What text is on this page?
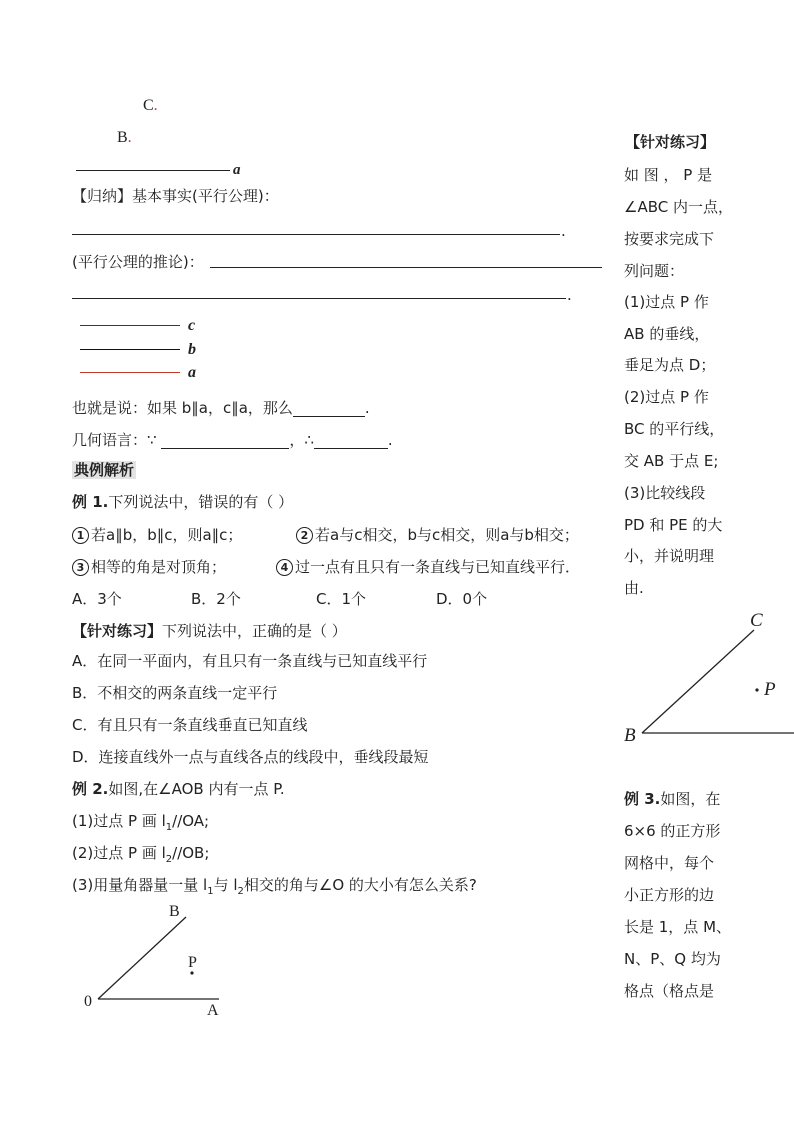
C.
B.
a
【归纳】基本事实(平行公理)：
.
(平行公理的推论)：
.
c
b
a
也就是说：如果 b∥a，c∥a，那么	.
几何语言：∵	，∴	.
典例解析
例 1.下列说法中，错误的有（ ）
1 若a∥b，b∥c，则a∥c；	2 若a与c相交，b与c相交，则a与b相交；
3 相等的角是对顶角；	4 过一点有且只有一条直线与已知直线平行．
A．3个	B．2个	C．1个	D．0个
【针对练习】下列说法中，正确的是（ ）
A．在同一平面内，有且只有一条直线与已知直线平行
B．不相交的两条直线一定平行
C．有且只有一条直线垂直已知直线
D．连接直线外一点与直线各点的线段中，垂线段最短
例 2.如图,在∠AOB 内有一点 P.
(1)过点 P 画 $l_1//OA$;
(2)过点 P 画 $l_2//OB$;
(3)用量角器量一量 $l_1$与 $l_2$相交的角与∠O 的大小有怎么关系?
B
P
0
A
【针对练习】
如 图 ， P 是
∠ABC 内一点，
按要求完成下
列问题：
(1)过点 P 作
AB 的垂线，
垂足为点 D；
(2)过点 P 作
BC 的平行线，
交 AB 于点 E;
(3)比较线段
PD 和 PE 的大
小，并说明理
由.
C
P
B
例 3.如图，在
6×6 的正方形
网格中，每个
小正方形的边
长是 1，点 M、
N、P、Q 均为
格点（格点是
